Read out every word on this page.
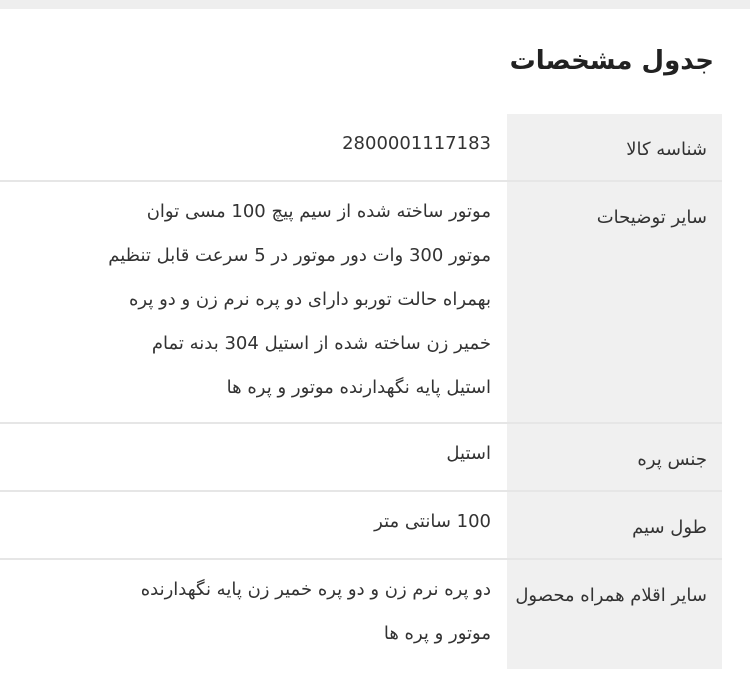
جدول مشخصات
شناسه کالا
2800001117183
سایر توضیحات
موتور ساخته شده از سیم پیچ 100 مسی توان
موتور 300 وات دور موتور در 5 سرعت قابل تنظیم
بهمراه حالت توربو دارای دو پره نرم زن و دو پره
خمیر زن ساخته شده از استیل 304 بدنه تمام
استیل پایه نگهدارنده موتور و پره ها
جنس پره
استیل
طول سیم
100 سانتی متر
سایر اقلام همراه محصول
دو پره نرم زن و دو پره خمیر زن پایه نگهدارنده
موتور و پره ها
